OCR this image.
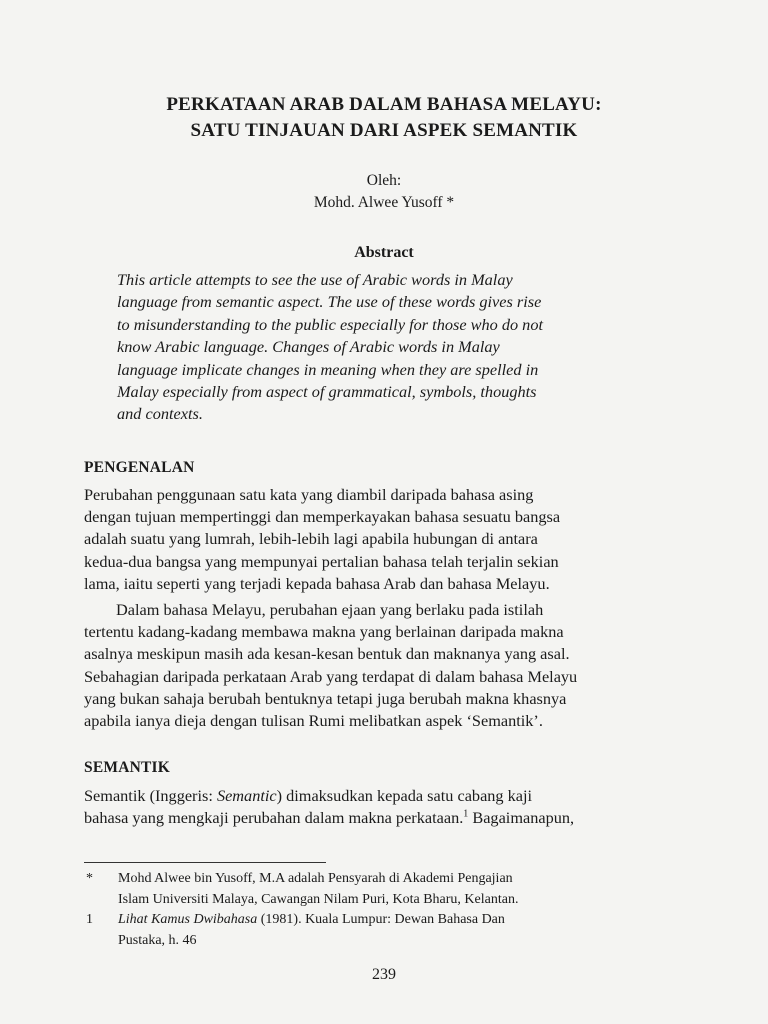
PERKATAAN ARAB DALAM BAHASA MELAYU:
SATU TINJAUAN DARI ASPEK SEMANTIK
Oleh:
Mohd. Alwee Yusoff *
Abstract
This article attempts to see the use of Arabic words in Malay
language from semantic aspect. The use of these words gives rise
to misunderstanding to the public especially for those who do not
know Arabic language. Changes of Arabic words in Malay
language implicate changes in meaning when they are spelled in
Malay especially from aspect of grammatical, symbols, thoughts
and contexts.
PENGENALAN
Perubahan penggunaan satu kata yang diambil daripada bahasa asing
dengan tujuan mempertinggi dan memperkayakan bahasa sesuatu bangsa
adalah suatu yang lumrah, lebih-lebih lagi apabila hubungan di antara
kedua-dua bangsa yang mempunyai pertalian bahasa telah terjalin sekian
lama, iaitu seperti yang terjadi kepada bahasa Arab dan bahasa Melayu.
Dalam bahasa Melayu, perubahan ejaan yang berlaku pada istilah
tertentu kadang-kadang membawa makna yang berlainan daripada makna
asalnya meskipun masih ada kesan-kesan bentuk dan maknanya yang asal.
Sebahagian daripada perkataan Arab yang terdapat di dalam bahasa Melayu
yang bukan sahaja berubah bentuknya tetapi juga berubah makna khasnya
apabila ianya dieja dengan tulisan Rumi melibatkan aspek ‘Semantik’.
SEMANTIK
Semantik (Inggeris: Semantic) dimaksudkan kepada satu cabang kaji
bahasa yang mengkaji perubahan dalam makna perkataan.$^1$ Bagaimanapun,
* Mohd Alwee bin Yusoff, M.A adalah Pensyarah di Akademi Pengajian
Islam Universiti Malaya, Cawangan Nilam Puri, Kota Bharu, Kelantan.
1 Lihat Kamus Dwibahasa (1981). Kuala Lumpur: Dewan Bahasa Dan
Pustaka, h. 46
239
